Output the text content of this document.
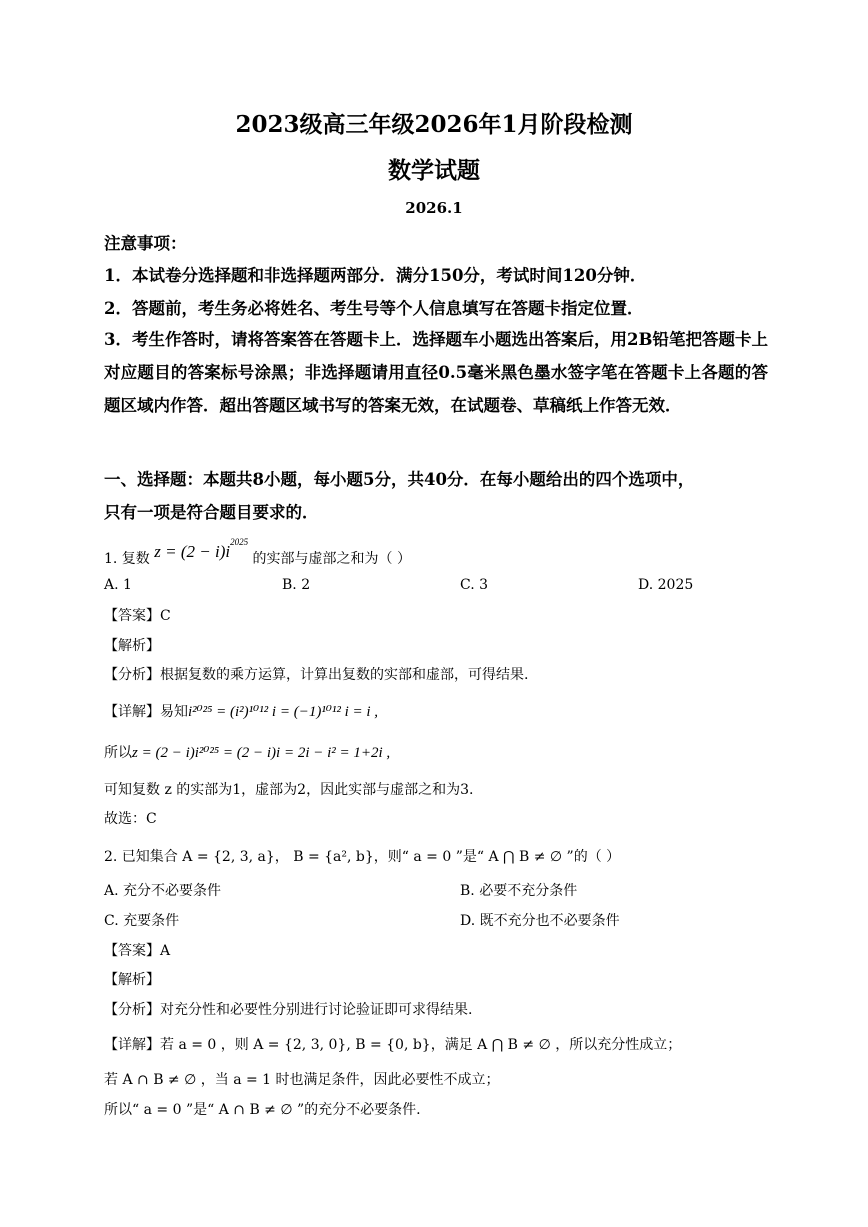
2023级高三年级2026年1月阶段检测
数学试题
2026.1
注意事项：
1．本试卷分选择题和非选择题两部分．满分150分，考试时间120分钟．
2．答题前，考生务必将姓名、考生号等个人信息填写在答题卡指定位置．
3．考生作答时，请将答案答在答题卡上．选择题车小题选出答案后，用2B铅笔把答题卡上对应题目的答案标号涂黑；非选择题请用直径0.5毫米黑色墨水签字笔在答题卡上各题的答题区域内作答．超出答题区域书写的答案无效，在试题卷、草稿纸上作答无效．
一、选择题：本题共8小题，每小题5分，共40分．在每小题给出的四个选项中，
只有一项是符合题目要求的．
1. 复数 $z = (2 - i)i^{2025}$ 的实部与虚部之和为（ ）
A. 1	B. 2	C. 3	D. 2025
【答案】C
【解析】
【分析】根据复数的乘方运算，计算出复数的实部和虚部，可得结果.
【详解】易知i²⁰²⁵ = (i²)¹⁰¹² i = (−1)¹⁰¹² i = i ,
所以z = (2 − i)i²⁰²⁵ = (2 − i)i = 2i − i² = 1+2i ,
可知复数 z 的实部为1，虚部为2，因此实部与虚部之和为3.
故选：C
2. 已知集合 A = {2, 3, a}， B = {a², b}，则“ a = 0 ”是“ A ⋂ B ≠ ∅ ”的（ ）
A. 充分不必要条件	B. 必要不充分条件
C. 充要条件	D. 既不充分也不必要条件
【答案】A
【解析】
【分析】对充分性和必要性分别进行讨论验证即可求得结果.
【详解】若 a = 0 ，则 A = {2, 3, 0}, B = {0, b}，满足 A ⋂ B ≠ ∅ ，所以充分性成立；
若 A ∩ B ≠ ∅ ，当 a = 1 时也满足条件，因此必要性不成立；
所以“ a = 0 ”是“ A ∩ B ≠ ∅ ”的充分不必要条件.
